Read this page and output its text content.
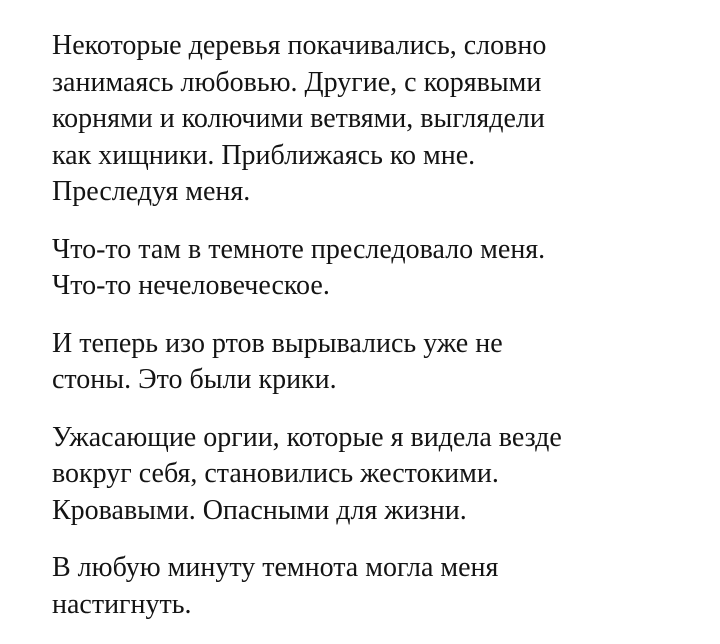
Некоторые деревья покачивались, словно
занимаясь любовью. Другие, с корявыми
корнями и колючими ветвями, выглядели
как хищники. Приближаясь ко мне.
Преследуя меня.

Что-то там в темноте преследовало меня.
Что-то нечеловеческое.

И теперь изо ртов вырывались уже не
стоны. Это были крики.

Ужасающие оргии, которые я видела везде
вокруг себя, становились жестокими.
Кровавыми. Опасными для жизни.

В любую минуту темнота могла меня
настигнуть.
